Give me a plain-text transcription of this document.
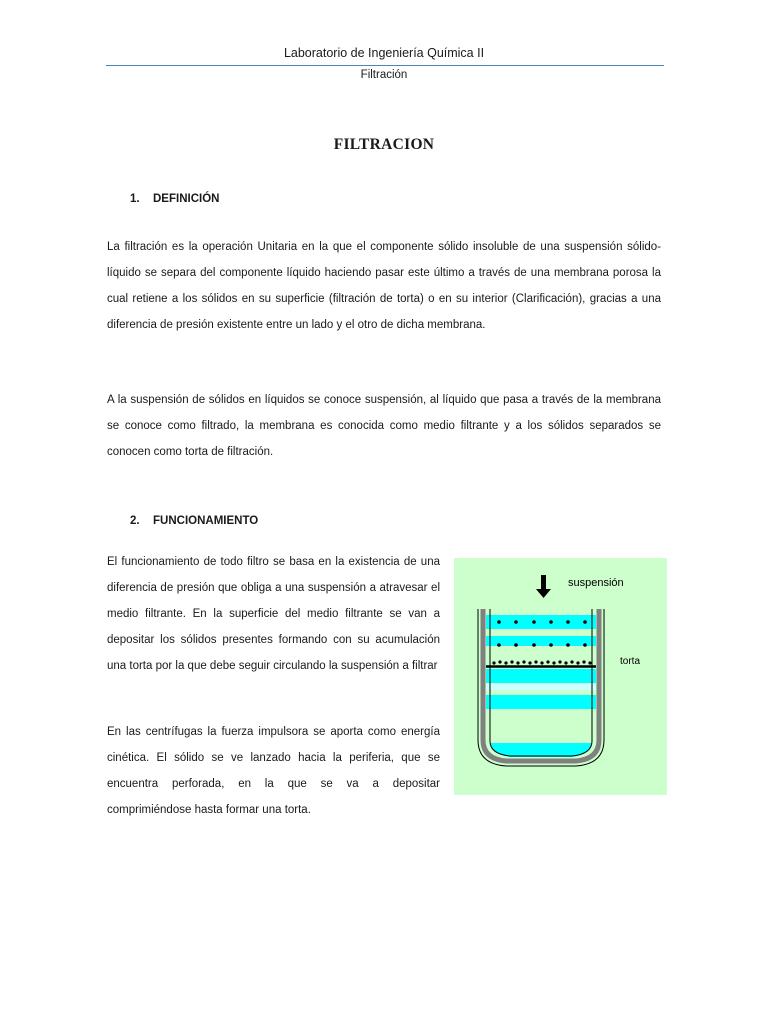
Laboratorio de Ingeniería Química II
Filtración
FILTRACION
1. DEFINICIÓN

La filtración es la operación Unitaria en la que el componente sólido insoluble de una suspensión sólido-líquido se separa del componente líquido haciendo pasar este último a través de una membrana porosa la cual retiene a los sólidos en su superficie (filtración de torta) o en su interior (Clarificación), gracias a una diferencia de presión existente entre un lado y el otro de dicha membrana.

A la suspensión de sólidos en líquidos se conoce suspensión, al líquido que pasa a través de la membrana se conoce como filtrado, la membrana es conocida como medio filtrante y a los sólidos separados se conocen como torta de filtración.

2. FUNCIONAMIENTO

El funcionamiento de todo filtro se basa en la existencia de una diferencia de presión que obliga a una suspensión a atravesar el medio filtrante. En la superficie del medio filtrante se van a depositar los sólidos presentes formando con su acumulación una torta por la que debe seguir circulando la suspensión a filtrar

En las centrífugas la fuerza impulsora se aporta como energía cinética. El sólido se ve lanzado hacia la periferia, que se encuentra perforada, en la que se va a depositar comprimiéndose hasta formar una torta.

suspensión
torta
